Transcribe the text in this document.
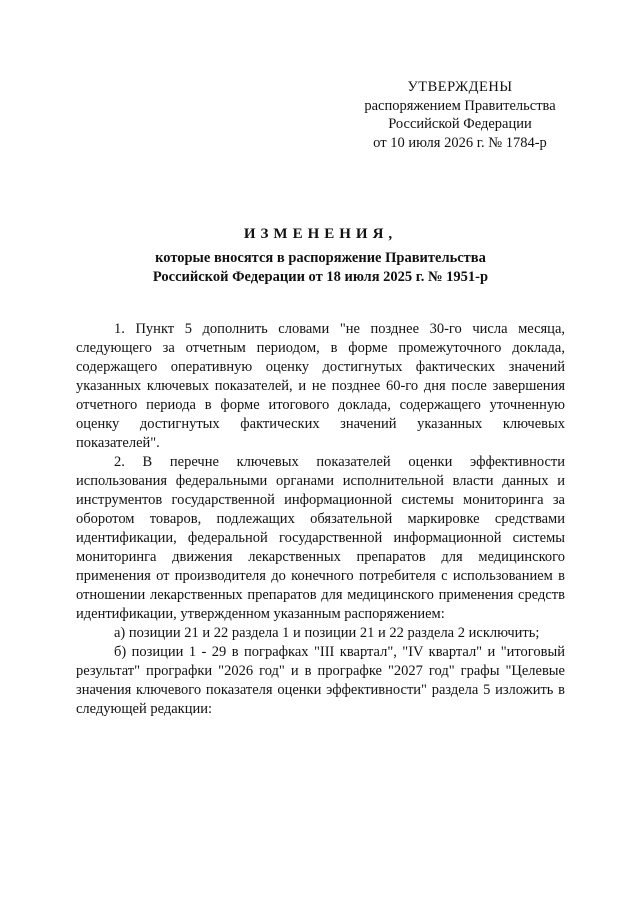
УТВЕРЖДЕНЫ
распоряжением Правительства
Российской Федерации
от 10 июля 2026 г. № 1784-р
ИЗМЕНЕНИЯ,
которые вносятся в распоряжение Правительства
Российской Федерации от 18 июля 2025 г. № 1951-р

1. Пункт 5 дополнить словами "не позднее 30-го числа месяца, следующего за отчетным периодом, в форме промежуточного доклада, содержащего оперативную оценку достигнутых фактических значений указанных ключевых показателей, и не позднее 60-го дня после завершения отчетного периода в форме итогового доклада, содержащего уточненную оценку достигнутых фактических значений указанных ключевых показателей".

2. В перечне ключевых показателей оценки эффективности использования федеральными органами исполнительной власти данных и инструментов государственной информационной системы мониторинга за оборотом товаров, подлежащих обязательной маркировке средствами идентификации, федеральной государственной информационной системы мониторинга движения лекарственных препаратов для медицинского применения от производителя до конечного потребителя с использованием в отношении лекарственных препаратов для медицинского применения средств идентификации, утвержденном указанным распоряжением:

а) позиции 21 и 22 раздела 1 и позиции 21 и 22 раздела 2 исключить;

б) позиции 1 - 29 в пографках "III квартал", "IV квартал" и "итоговый результат" прографки "2026 год" и в прографке "2027 год" графы "Целевые значения ключевого показателя оценки эффективности" раздела 5 изложить в следующей редакции:
